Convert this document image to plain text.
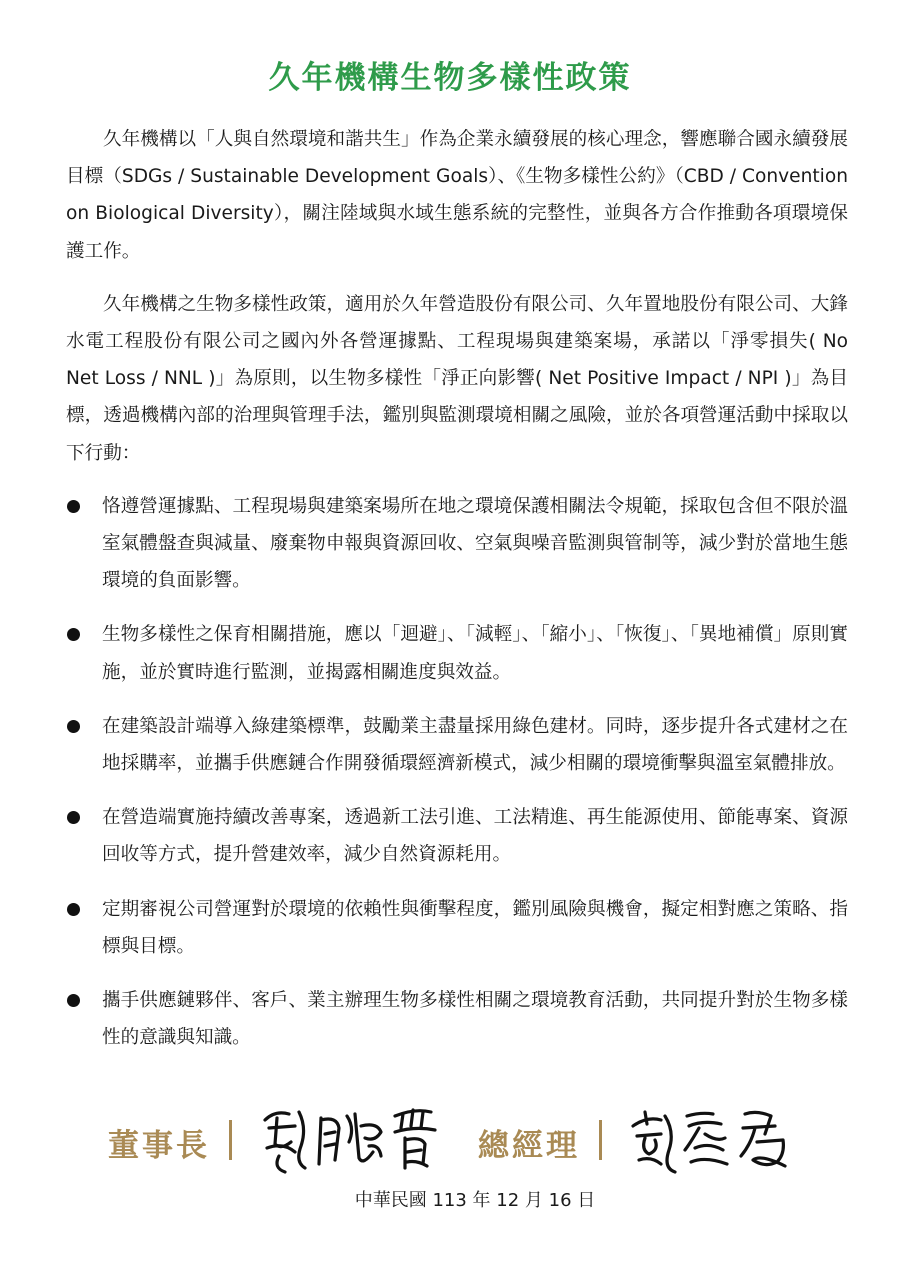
久年機構生物多樣性政策

久年機構以「人與自然環境和諧共生」作為企業永續發展的核心理念，響應聯合國永續發展目標（SDGs / Sustainable Development Goals）、《生物多樣性公約》（CBD / Convention on Biological Diversity），關注陸域與水域生態系統的完整性，並與各方合作推動各項環境保護工作。

久年機構之生物多樣性政策，適用於久年營造股份有限公司、久年置地股份有限公司、大鋒水電工程股份有限公司之國內外各營運據點、工程現場與建築案場，承諾以「淨零損失( No Net Loss / NNL )」為原則，以生物多樣性「淨正向影響( Net Positive Impact / NPI )」為目標，透過機構內部的治理與管理手法，鑑別與監測環境相關之風險，並於各項營運活動中採取以下行動：

恪遵營運據點、工程現場與建築案場所在地之環境保護相關法令規範，採取包含但不限於溫室氣體盤查與減量、廢棄物申報與資源回收、空氣與噪音監測與管制等，減少對於當地生態環境的負面影響。
生物多樣性之保育相關措施，應以「迴避」、「減輕」、「縮小」、「恢復」、「異地補償」原則實施，並於實時進行監測，並揭露相關進度與效益。
在建築設計端導入綠建築標準，鼓勵業主盡量採用綠色建材。同時，逐步提升各式建材之在地採購率，並攜手供應鏈合作開發循環經濟新模式，減少相關的環境衝擊與溫室氣體排放。
在營造端實施持續改善專案，透過新工法引進、工法精進、再生能源使用、節能專案、資源回收等方式，提升營建效率，減少自然資源耗用。
定期審視公司營運對於環境的依賴性與衝擊程度，鑑別風險與機會，擬定相對應之策略、指標與目標。
攜手供應鏈夥伴、客戶、業主辦理生物多樣性相關之環境教育活動，共同提升對於生物多樣性的意識與知識。
董事長	總經理
中華民國 113 年 12 月 16 日
